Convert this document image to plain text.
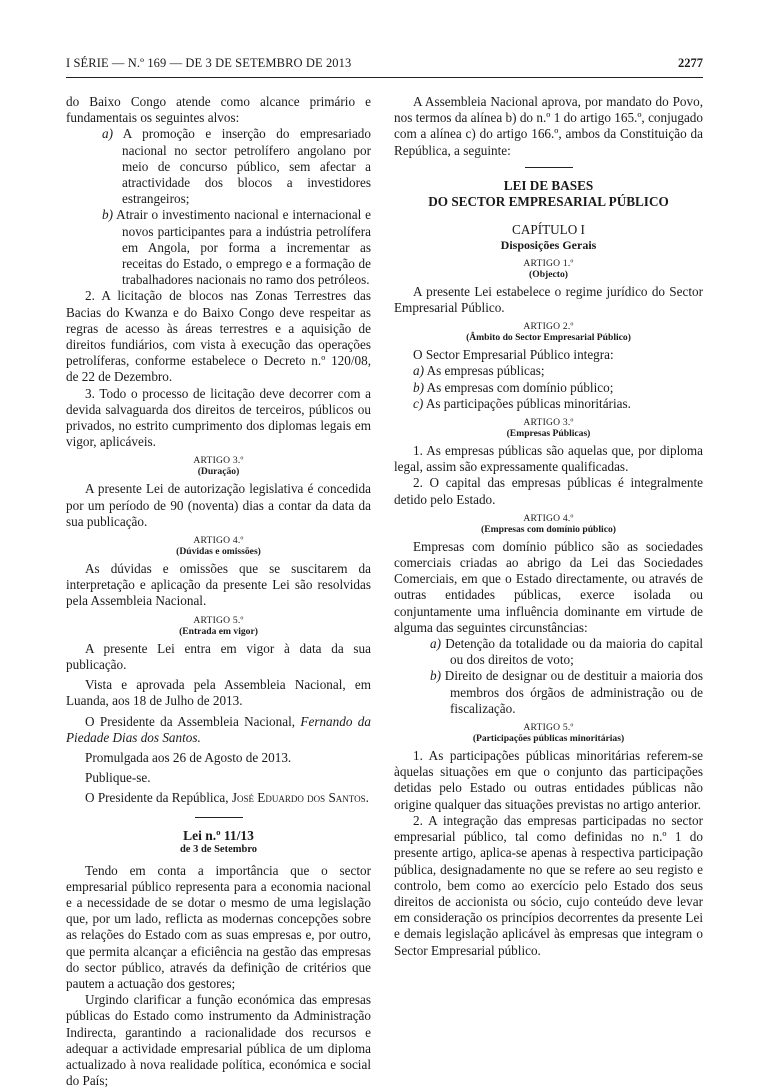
I SÉRIE — N.º 169 — DE 3 DE SETEMBRO DE 2013	2277

do Baixo Congo atende como alcance primário e fundamentais os seguintes alvos:

a) A promoção e inserção do empresariado nacional no sector petrolífero angolano por meio de concurso público, sem afectar a atractividade dos blocos a investidores estrangeiros;

b) Atrair o investimento nacional e internacional e novos participantes para a indústria petrolífera em Angola, por forma a incrementar as receitas do Estado, o emprego e a formação de trabalhadores nacionais no ramo dos petróleos.

2. A licitação de blocos nas Zonas Terrestres das Bacias do Kwanza e do Baixo Congo deve respeitar as regras de acesso às áreas terrestres e a aquisição de direitos fundiários, com vista à execução das operações petrolíferas, conforme estabelece o Decreto n.º 120/08, de 22 de Dezembro.

3. Todo o processo de licitação deve decorrer com a devida salvaguarda dos direitos de terceiros, públicos ou privados, no estrito cumprimento dos diplomas legais em vigor, aplicáveis.

ARTIGO 3.º
(Duração)

A presente Lei de autorização legislativa é concedida por um período de 90 (noventa) dias a contar da data da sua publicação.

ARTIGO 4.º
(Dúvidas e omissões)

As dúvidas e omissões que se suscitarem da interpretação e aplicação da presente Lei são resolvidas pela Assembleia Nacional.

ARTIGO 5.º
(Entrada em vigor)

A presente Lei entra em vigor à data da sua publicação.

Vista e aprovada pela Assembleia Nacional, em Luanda, aos 18 de Julho de 2013.

O Presidente da Assembleia Nacional, Fernando da Piedade Dias dos Santos.

Promulgada aos 26 de Agosto de 2013.

Publique-se.

O Presidente da República, José Eduardo dos Santos.

Lei n.º 11/13
de 3 de Setembro

Tendo em conta a importância que o sector empresarial público representa para a economia nacional e a necessidade de se dotar o mesmo de uma legislação que, por um lado, reflicta as modernas concepções sobre as relações do Estado com as suas empresas e, por outro, que permita alcançar a eficiência na gestão das empresas do sector público, através da definição de critérios que pautem a actuação dos gestores;

Urgindo clarificar a função económica das empresas públicas do Estado como instrumento da Administração Indirecta, garantindo a racionalidade dos recursos e adequar a actividade empresarial pública de um diploma actualizado à nova realidade política, económica e social do País;

A Assembleia Nacional aprova, por mandato do Povo, nos termos da alínea b) do n.º 1 do artigo 165.º, conjugado com a alínea c) do artigo 166.º, ambos da Constituição da República, a seguinte:

LEI DE BASES
DO SECTOR EMPRESARIAL PÚBLICO
CAPÍTULO I
Disposições Gerais
ARTIGO 1.º
(Objecto)

A presente Lei estabelece o regime jurídico do Sector Empresarial Público.

ARTIGO 2.º
(Âmbito do Sector Empresarial Público)

O Sector Empresarial Público integra:

a) As empresas públicas;

b) As empresas com domínio público;

c) As participações públicas minoritárias.

ARTIGO 3.º
(Empresas Públicas)

1. As empresas públicas são aquelas que, por diploma legal, assim são expressamente qualificadas.

2. O capital das empresas públicas é integralmente detido pelo Estado.

ARTIGO 4.º
(Empresas com domínio público)

Empresas com domínio público são as sociedades comerciais criadas ao abrigo da Lei das Sociedades Comerciais, em que o Estado directamente, ou através de outras entidades públicas, exerce isolada ou conjuntamente uma influência dominante em virtude de alguma das seguintes circunstâncias:

a) Detenção da totalidade ou da maioria do capital ou dos direitos de voto;

b) Direito de designar ou de destituir a maioria dos membros dos órgãos de administração ou de fiscalização.

ARTIGO 5.º
(Participações públicas minoritárias)

1. As participações públicas minoritárias referem-se àquelas situações em que o conjunto das participações detidas pelo Estado ou outras entidades públicas não origine qualquer das situações previstas no artigo anterior.

2. A integração das empresas participadas no sector empresarial público, tal como definidas no n.º 1 do presente artigo, aplica-se apenas à respectiva participação pública, designadamente no que se refere ao seu registo e controlo, bem como ao exercício pelo Estado dos seus direitos de accionista ou sócio, cujo conteúdo deve levar em consideração os princípios decorrentes da presente Lei e demais legislação aplicável às empresas que integram o Sector Empresarial público.
